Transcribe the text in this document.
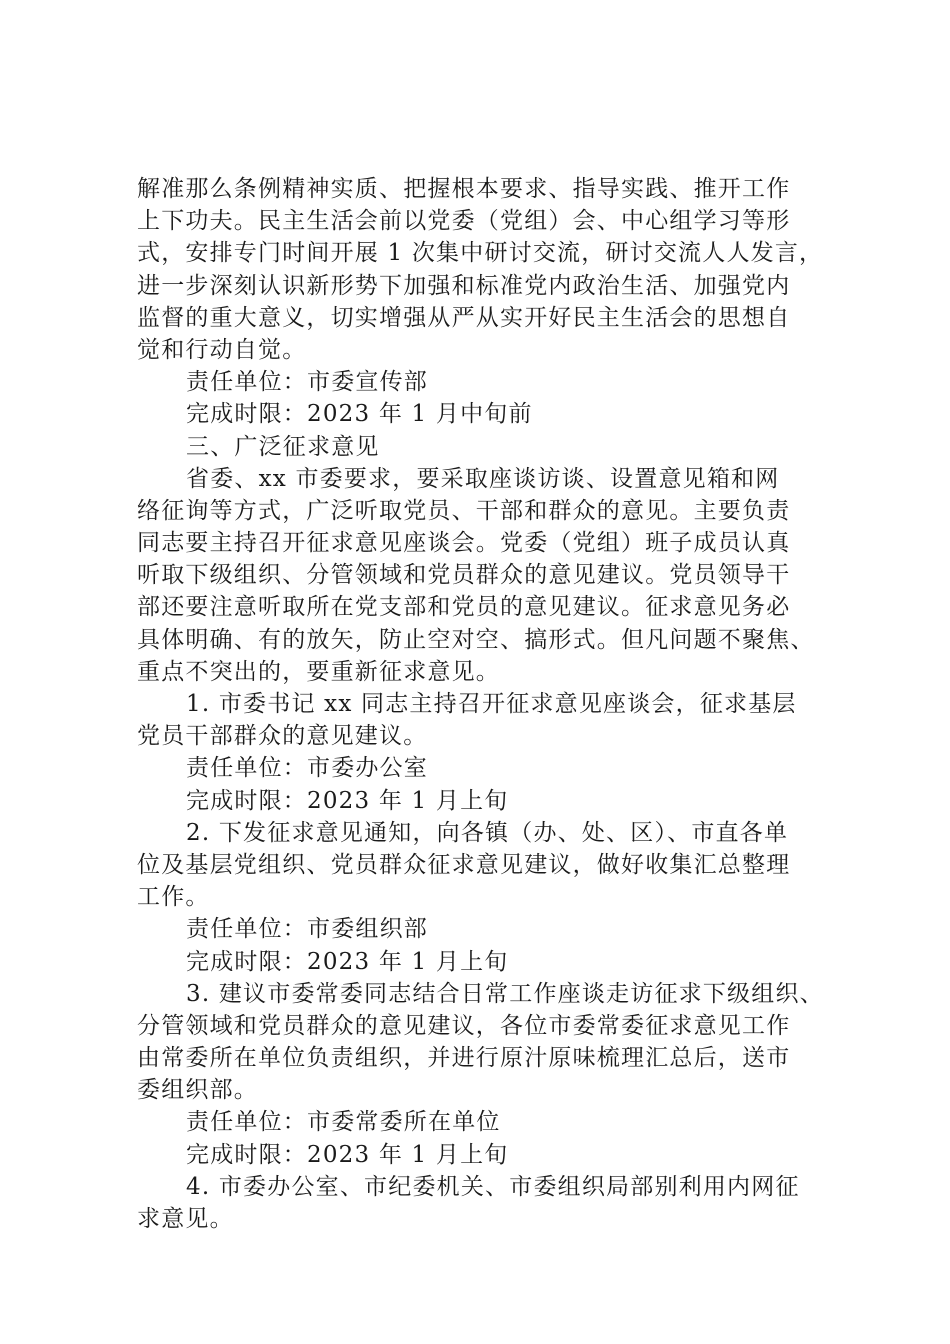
解准那么条例精神实质、把握根本要求、指导实践、推开工作
上下功夫。民主生活会前以党委（党组）会、中心组学习等形
式，安排专门时间开展 1 次集中研讨交流，研讨交流人人发言，
进一步深刻认识新形势下加强和标准党内政治生活、加强党内
监督的重大意义，切实增强从严从实开好民主生活会的思想自
觉和行动自觉。
责任单位：市委宣传部
完成时限：2023 年 1 月中旬前
三、广泛征求意见
省委、xx 市委要求，要采取座谈访谈、设置意见箱和网
络征询等方式，广泛听取党员、干部和群众的意见。主要负责
同志要主持召开征求意见座谈会。党委（党组）班子成员认真
听取下级组织、分管领域和党员群众的意见建议。党员领导干
部还要注意听取所在党支部和党员的意见建议。征求意见务必
具体明确、有的放矢，防止空对空、搞形式。但凡问题不聚焦、
重点不突出的，要重新征求意见。
1. 市委书记 xx 同志主持召开征求意见座谈会，征求基层
党员干部群众的意见建议。
责任单位：市委办公室
完成时限：2023 年 1 月上旬
2. 下发征求意见通知，向各镇（办、处、区）、市直各单
位及基层党组织、党员群众征求意见建议，做好收集汇总整理
工作。
责任单位：市委组织部
完成时限：2023 年 1 月上旬
3. 建议市委常委同志结合日常工作座谈走访征求下级组织、
分管领域和党员群众的意见建议，各位市委常委征求意见工作
由常委所在单位负责组织，并进行原汁原味梳理汇总后，送市
委组织部。
责任单位：市委常委所在单位
完成时限：2023 年 1 月上旬
4. 市委办公室、市纪委机关、市委组织局部别利用内网征
求意见。
